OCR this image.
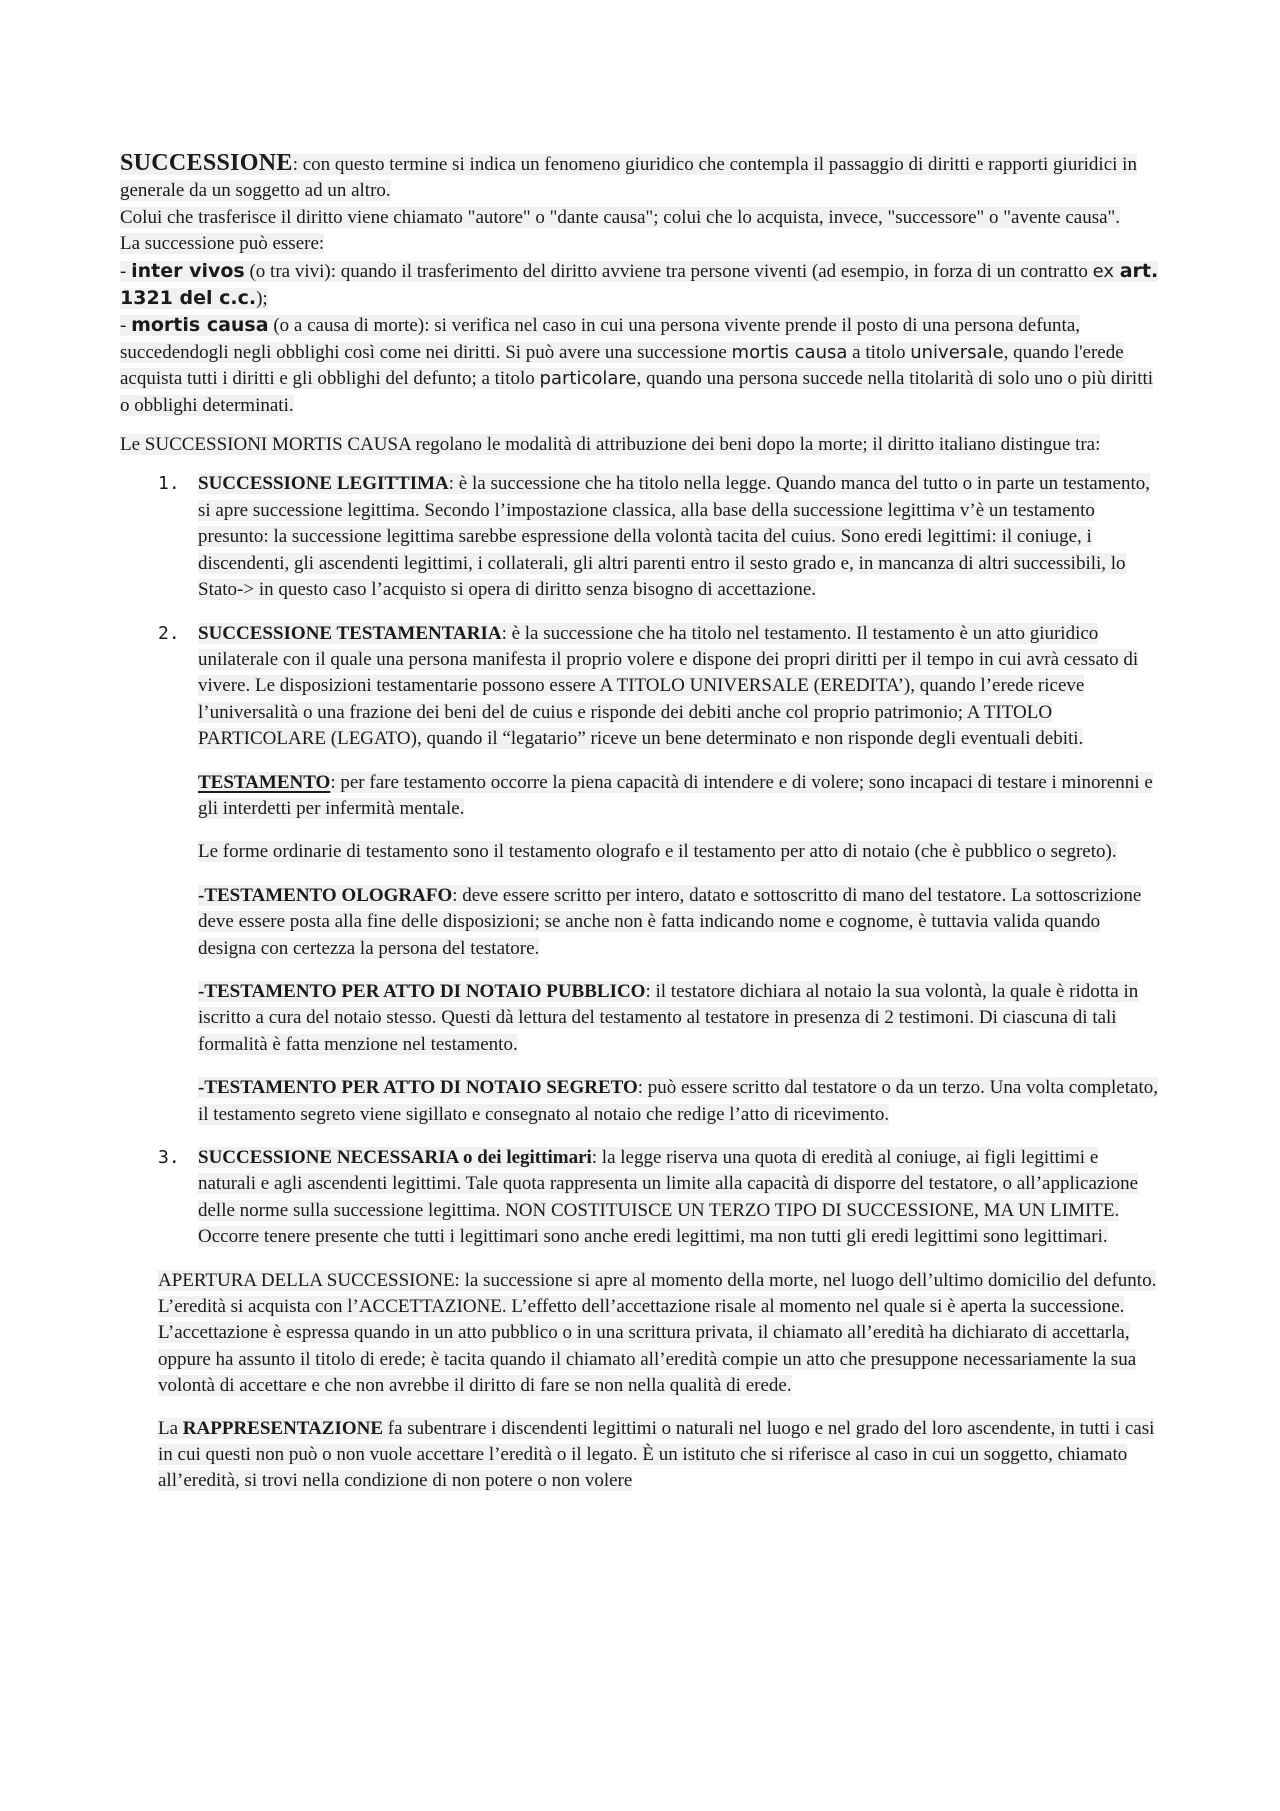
SUCCESSIONE: con questo termine si indica un fenomeno giuridico che contempla il passaggio di diritti e rapporti giuridici in generale da un soggetto ad un altro.
Colui che trasferisce il diritto viene chiamato "autore" o "dante causa"; colui che lo acquista, invece, "successore" o "avente causa".
La successione può essere:
- inter vivos (o tra vivi): quando il trasferimento del diritto avviene tra persone viventi (ad esempio, in forza di un contratto ex art. 1321 del c.c.);
- mortis causa (o a causa di morte): si verifica nel caso in cui una persona vivente prende il posto di una persona defunta, succedendogli negli obblighi così come nei diritti. Si può avere una successione mortis causa a titolo universale, quando l'erede acquista tutti i diritti e gli obblighi del defunto; a titolo particolare, quando una persona succede nella titolarità di solo uno o più diritti o obblighi determinati.

Le SUCCESSIONI MORTIS CAUSA regolano le modalità di attribuzione dei beni dopo la morte; il diritto italiano distingue tra:

1. SUCCESSIONE LEGITTIMA: è la successione che ha titolo nella legge. Quando manca del tutto o in parte un testamento, si apre successione legittima. Secondo l’impostazione classica, alla base della successione legittima v’è un testamento presunto: la successione legittima sarebbe espressione della volontà tacita del cuius. Sono eredi legittimi: il coniuge, i discendenti, gli ascendenti legittimi, i collaterali, gli altri parenti entro il sesto grado e, in mancanza di altri successibili, lo Stato-> in questo caso l’acquisto si opera di diritto senza bisogno di accettazione.

2. SUCCESSIONE TESTAMENTARIA: è la successione che ha titolo nel testamento. Il testamento è un atto giuridico unilaterale con il quale una persona manifesta il proprio volere e dispone dei propri diritti per il tempo in cui avrà cessato di vivere. Le disposizioni testamentarie possono essere A TITOLO UNIVERSALE (EREDITA’), quando l’erede riceve l’universalità o una frazione dei beni del de cuius e risponde dei debiti anche col proprio patrimonio; A TITOLO PARTICOLARE (LEGATO), quando il “legatario” riceve un bene determinato e non risponde degli eventuali debiti.

TESTAMENTO: per fare testamento occorre la piena capacità di intendere e di volere; sono incapaci di testare i minorenni e gli interdetti per infermità mentale.

Le forme ordinarie di testamento sono il testamento olografo e il testamento per atto di notaio (che è pubblico o segreto).

-TESTAMENTO OLOGRAFO: deve essere scritto per intero, datato e sottoscritto di mano del testatore. La sottoscrizione deve essere posta alla fine delle disposizioni; se anche non è fatta indicando nome e cognome, è tuttavia valida quando designa con certezza la persona del testatore.

-TESTAMENTO PER ATTO DI NOTAIO PUBBLICO: il testatore dichiara al notaio la sua volontà, la quale è ridotta in iscritto a cura del notaio stesso. Questi dà lettura del testamento al testatore in presenza di 2 testimoni. Di ciascuna di tali formalità è fatta menzione nel testamento.

-TESTAMENTO PER ATTO DI NOTAIO SEGRETO: può essere scritto dal testatore o da un terzo. Una volta completato, il testamento segreto viene sigillato e consegnato al notaio che redige l’atto di ricevimento.

3. SUCCESSIONE NECESSARIA o dei legittimari: la legge riserva una quota di eredità al coniuge, ai figli legittimi e naturali e agli ascendenti legittimi. Tale quota rappresenta un limite alla capacità di disporre del testatore, o all’applicazione delle norme sulla successione legittima. NON COSTITUISCE UN TERZO TIPO DI SUCCESSIONE, MA UN LIMITE. Occorre tenere presente che tutti i legittimari sono anche eredi legittimi, ma non tutti gli eredi legittimi sono legittimari.

APERTURA DELLA SUCCESSIONE: la successione si apre al momento della morte, nel luogo dell’ultimo domicilio del defunto. L’eredità si acquista con l’ACCETTAZIONE. L’effetto dell’accettazione risale al momento nel quale si è aperta la successione. L’accettazione è espressa quando in un atto pubblico o in una scrittura privata, il chiamato all’eredità ha dichiarato di accettarla, oppure ha assunto il titolo di erede; è tacita quando il chiamato all’eredità compie un atto che presuppone necessariamente la sua volontà di accettare e che non avrebbe il diritto di fare se non nella qualità di erede.

La RAPPRESENTAZIONE fa subentrare i discendenti legittimi o naturali nel luogo e nel grado del loro ascendente, in tutti i casi in cui questi non può o non vuole accettare l’eredità o il legato. È un istituto che si riferisce al caso in cui un soggetto, chiamato all’eredità, si trovi nella condizione di non potere o non volere
